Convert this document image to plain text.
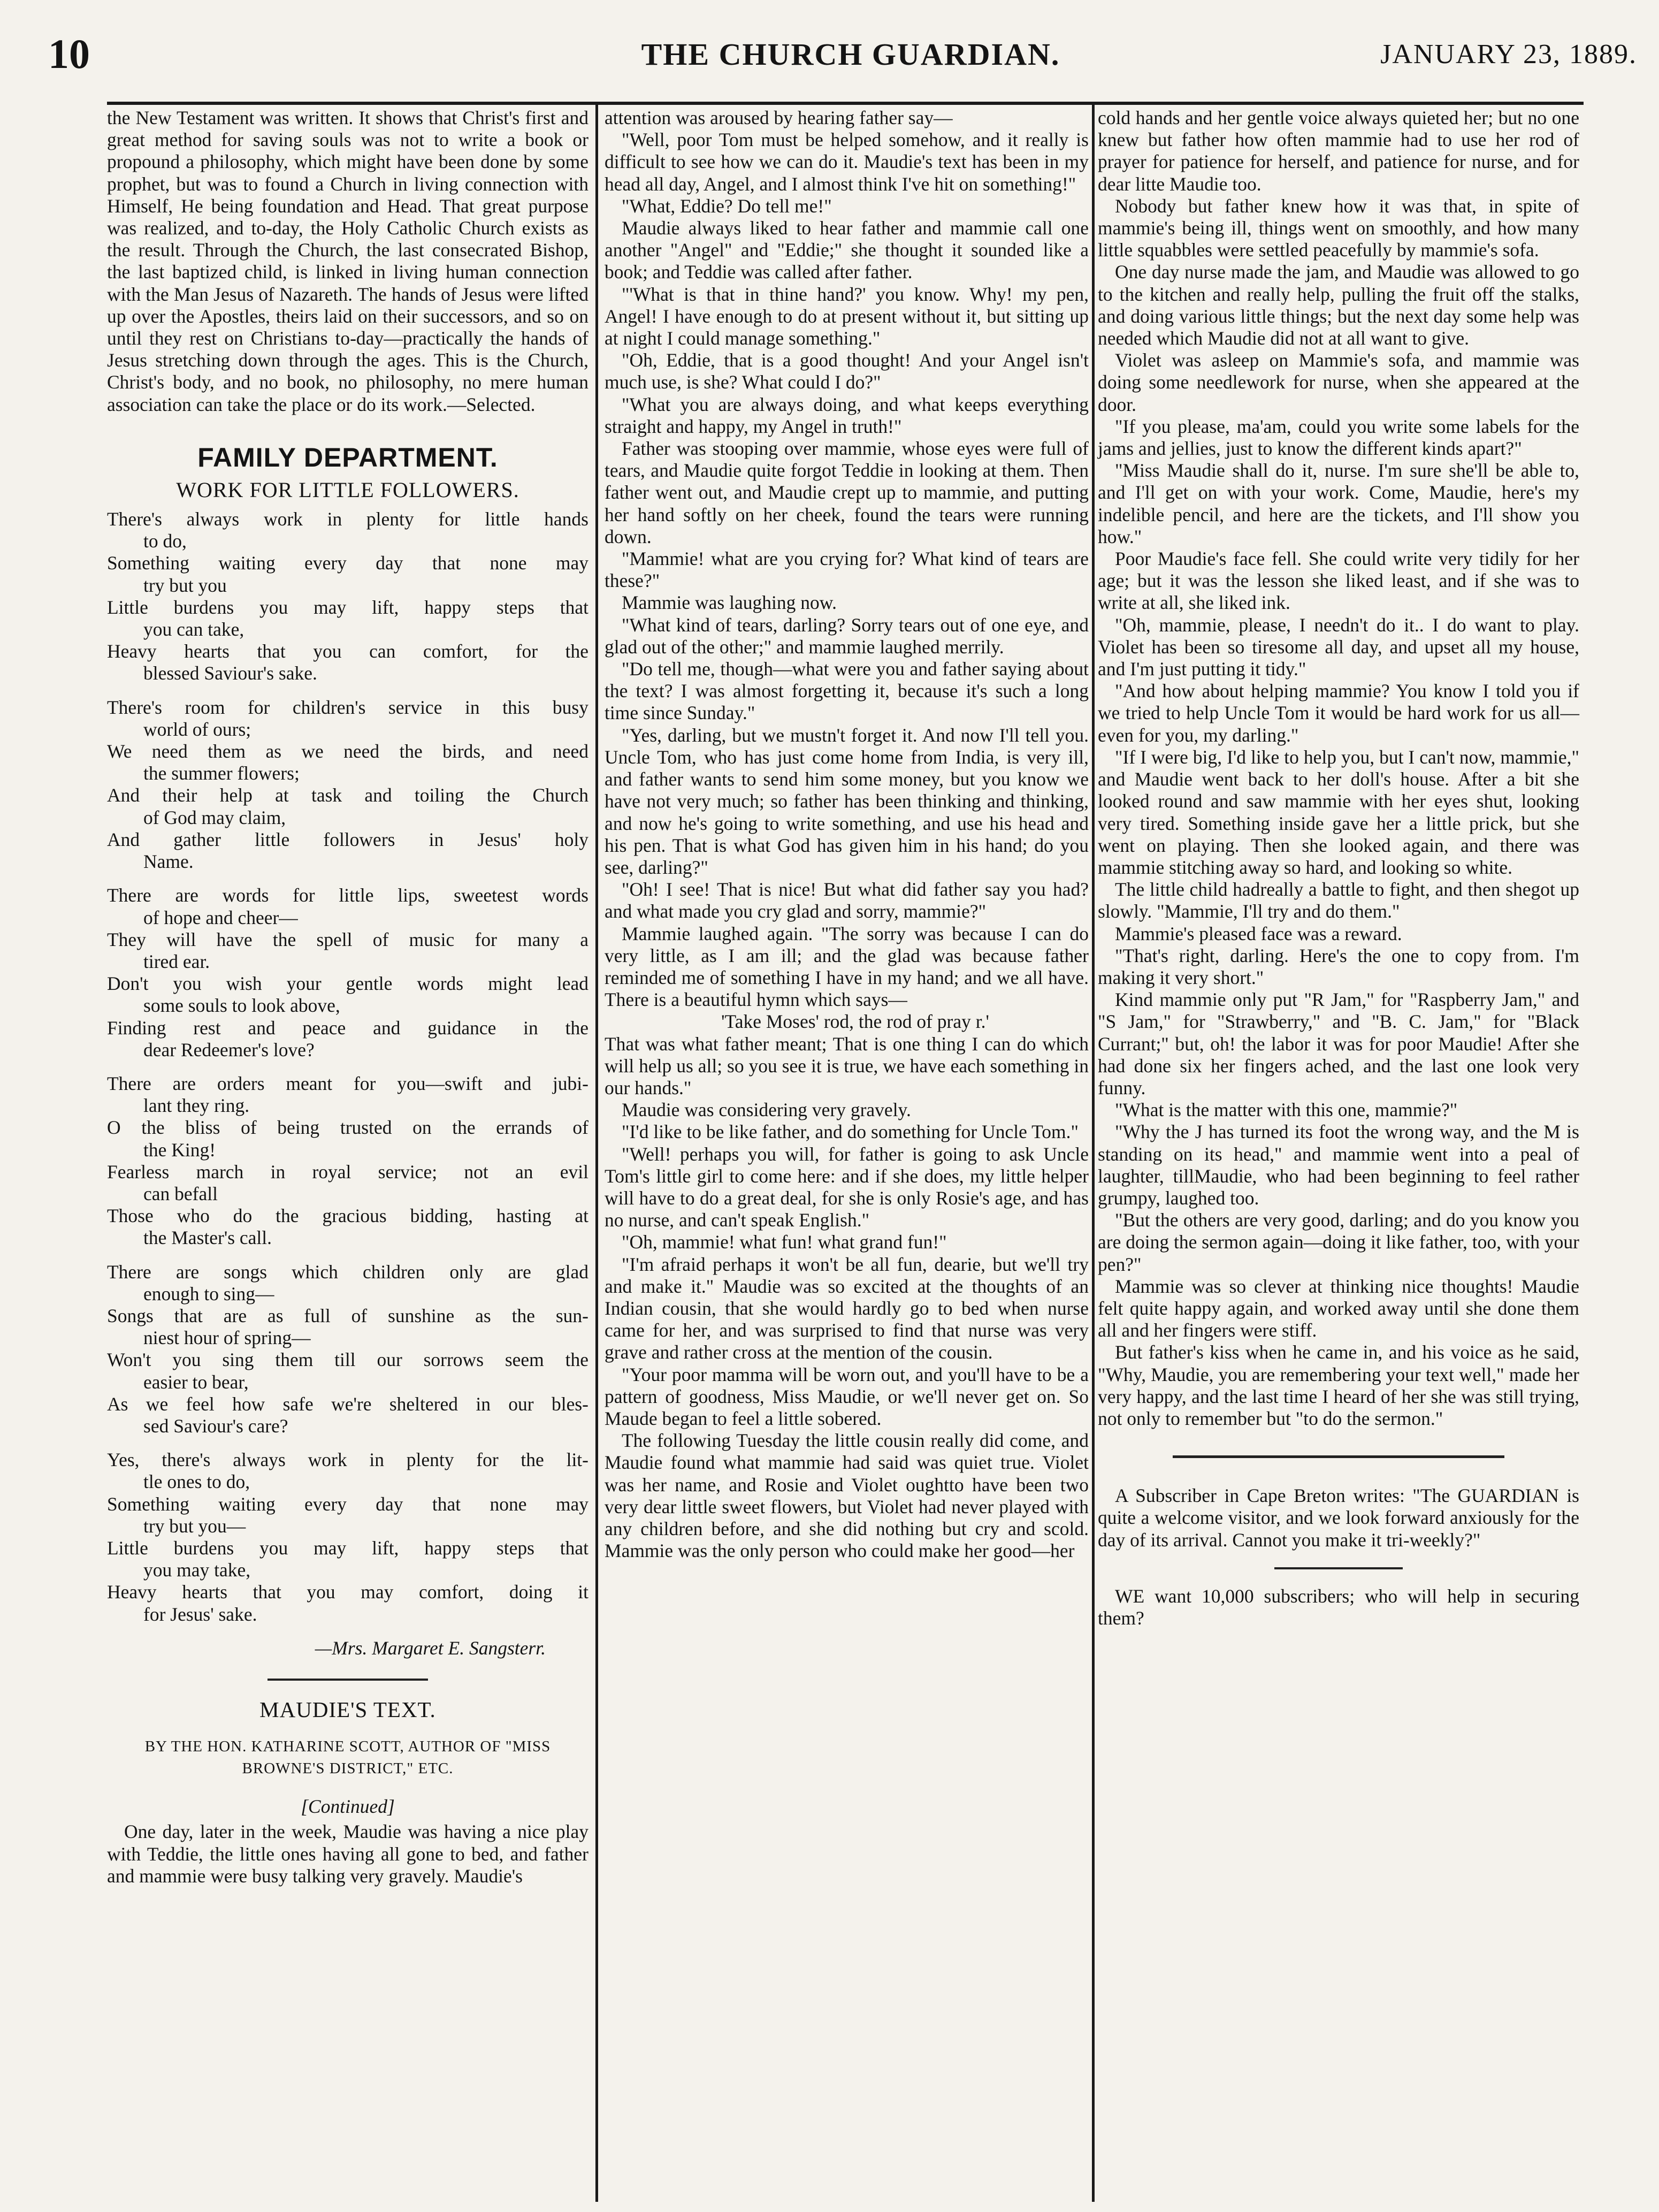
10	THE CHURCH GUARDIAN.	JANUARY 23, 1889.

the New Testament was written. It shows that Christ's first and great method for saving souls was not to write a book or propound a philosophy, which might have been done by some prophet, but was to found a Church in living connection with Himself, He being foundation and Head. That great purpose was realized, and to-day, the Holy Catholic Church exists as the result. Through the Church, the last consecrated Bishop, the last baptized child, is linked in living human connection with the Man Jesus of Nazareth. The hands of Jesus were lifted up over the Apostles, theirs laid on their successors, and so on until they rest on Christians to-day—practically the hands of Jesus stretching down through the ages. This is the Church, Christ's body, and no book, no philosophy, no mere human association can take the place or do its work.—Selected.

FAMILY DEPARTMENT.
WORK FOR LITTLE FOLLOWERS.
There's always work in plenty for little hands
to do,
Something waiting every day that none may
try but you
Little burdens you may lift, happy steps that
you can take,
Heavy hearts that you can comfort, for the
blessed Saviour's sake.
There's room for children's service in this busy
world of ours;
We need them as we need the birds, and need
the summer flowers;
And their help at task and toiling the Church
of God may claim,
And gather little followers in Jesus' holy
Name.
There are words for little lips, sweetest words
of hope and cheer—
They will have the spell of music for many a
tired ear.
Don't you wish your gentle words might lead
some souls to look above,
Finding rest and peace and guidance in the
dear Redeemer's love?
There are orders meant for you—swift and jubi-
lant they ring.
O the bliss of being trusted on the errands of
the King!
Fearless march in royal service; not an evil
can befall
Those who do the gracious bidding, hasting at
the Master's call.
There are songs which children only are glad
enough to sing—
Songs that are as full of sunshine as the sun-
niest hour of spring—
Won't you sing them till our sorrows seem the
easier to bear,
As we feel how safe we're sheltered in our bles-
sed Saviour's care?
Yes, there's always work in plenty for the lit-
tle ones to do,
Something waiting every day that none may
try but you—
Little burdens you may lift, happy steps that
you may take,
Heavy hearts that you may comfort, doing it
for Jesus' sake.
—Mrs. Margaret E. Sangsterr.
MAUDIE'S TEXT.
BY THE HON. KATHARINE SCOTT, AUTHOR OF "MISS BROWNE'S DISTRICT," ETC.
[Continued]

One day, later in the week, Maudie was having a nice play with Teddie, the little ones having all gone to bed, and father and mammie were busy talking very gravely. Maudie's

attention was aroused by hearing father say—

"Well, poor Tom must be helped somehow, and it really is difficult to see how we can do it. Maudie's text has been in my head all day, Angel, and I almost think I've hit on something!"

"What, Eddie? Do tell me!"

Maudie always liked to hear father and mammie call one another "Angel" and "Eddie;" she thought it sounded like a book; and Teddie was called after father.

"'What is that in thine hand?' you know. Why! my pen, Angel! I have enough to do at present without it, but sitting up at night I could manage something."

"Oh, Eddie, that is a good thought! And your Angel isn't much use, is she? What could I do?"

"What you are always doing, and what keeps everything straight and happy, my Angel in truth!"

Father was stooping over mammie, whose eyes were full of tears, and Maudie quite forgot Teddie in looking at them. Then father went out, and Maudie crept up to mammie, and putting her hand softly on her cheek, found the tears were running down.

"Mammie! what are you crying for? What kind of tears are these?"

Mammie was laughing now.

"What kind of tears, darling? Sorry tears out of one eye, and glad out of the other;" and mammie laughed merrily.

"Do tell me, though—what were you and father saying about the text? I was almost forgetting it, because it's such a long time since Sunday."

"Yes, darling, but we mustn't forget it. And now I'll tell you. Uncle Tom, who has just come home from India, is very ill, and father wants to send him some money, but you know we have not very much; so father has been thinking and thinking, and now he's going to write something, and use his head and his pen. That is what God has given him in his hand; do you see, darling?"

"Oh! I see! That is nice! But what did father say you had? and what made you cry glad and sorry, mammie?"

Mammie laughed again. "The sorry was because I can do very little, as I am ill; and the glad was because father reminded me of something I have in my hand; and we all have. There is a beautiful hymn which says—

'Take Moses' rod, the rod of pray r.'

That was what father meant; That is one thing I can do which will help us all; so you see it is true, we have each something in our hands."

Maudie was considering very gravely.

"I'd like to be like father, and do something for Uncle Tom."

"Well! perhaps you will, for father is going to ask Uncle Tom's little girl to come here: and if she does, my little helper will have to do a great deal, for she is only Rosie's age, and has no nurse, and can't speak English."

"Oh, mammie! what fun! what grand fun!"

"I'm afraid perhaps it won't be all fun, dearie, but we'll try and make it." Maudie was so excited at the thoughts of an Indian cousin, that she would hardly go to bed when nurse came for her, and was surprised to find that nurse was very grave and rather cross at the mention of the cousin.

"Your poor mamma will be worn out, and you'll have to be a pattern of goodness, Miss Maudie, or we'll never get on. So Maude began to feel a little sobered.

The following Tuesday the little cousin really did come, and Maudie found what mammie had said was quiet true. Violet was her name, and Rosie and Violet oughtto have been two very dear little sweet flowers, but Violet had never played with any children before, and she did nothing but cry and scold. Mammie was the only person who could make her good—her

cold hands and her gentle voice always quieted her; but no one knew but father how often mammie had to use her rod of prayer for patience for herself, and patience for nurse, and for dear litte Maudie too.

Nobody but father knew how it was that, in spite of mammie's being ill, things went on smoothly, and how many little squabbles were settled peacefully by mammie's sofa.

One day nurse made the jam, and Maudie was allowed to go to the kitchen and really help, pulling the fruit off the stalks, and doing various little things; but the next day some help was needed which Maudie did not at all want to give.

Violet was asleep on Mammie's sofa, and mammie was doing some needlework for nurse, when she appeared at the door.

"If you please, ma'am, could you write some labels for the jams and jellies, just to know the different kinds apart?"

"Miss Maudie shall do it, nurse. I'm sure she'll be able to, and I'll get on with your work. Come, Maudie, here's my indelible pencil, and here are the tickets, and I'll show you how."

Poor Maudie's face fell. She could write very tidily for her age; but it was the lesson she liked least, and if she was to write at all, she liked ink.

"Oh, mammie, please, I needn't do it.. I do want to play. Violet has been so tiresome all day, and upset all my house, and I'm just putting it tidy."

"And how about helping mammie? You know I told you if we tried to help Uncle Tom it would be hard work for us all—even for you, my darling."

"If I were big, I'd like to help you, but I can't now, mammie," and Maudie went back to her doll's house. After a bit she looked round and saw mammie with her eyes shut, looking very tired. Something inside gave her a little prick, but she went on playing. Then she looked again, and there was mammie stitching away so hard, and looking so white.

The little child hadreally a battle to fight, and then shegot up slowly. "Mammie, I'll try and do them."

Mammie's pleased face was a reward.

"That's right, darling. Here's the one to copy from. I'm making it very short."

Kind mammie only put "R Jam," for "Raspberry Jam," and "S Jam," for "Strawberry," and "B. C. Jam," for "Black Currant;" but, oh! the labor it was for poor Maudie! After she had done six her fingers ached, and the last one look very funny.

"What is the matter with this one, mammie?"

"Why the J has turned its foot the wrong way, and the M is standing on its head," and mammie went into a peal of laughter, tillMaudie, who had been beginning to feel rather grumpy, laughed too.

"But the others are very good, darling; and do you know you are doing the sermon again—doing it like father, too, with your pen?"

Mammie was so clever at thinking nice thoughts! Maudie felt quite happy again, and worked away until she done them all and her fingers were stiff.

But father's kiss when he came in, and his voice as he said, "Why, Maudie, you are remembering your text well," made her very happy, and the last time I heard of her she was still trying, not only to remember but "to do the sermon."

A Subscriber in Cape Breton writes: "The GUARDIAN is quite a welcome visitor, and we look forward anxiously for the day of its arrival. Cannot you make it tri-weekly?"

WE want 10,000 subscribers; who will help in securing them?
